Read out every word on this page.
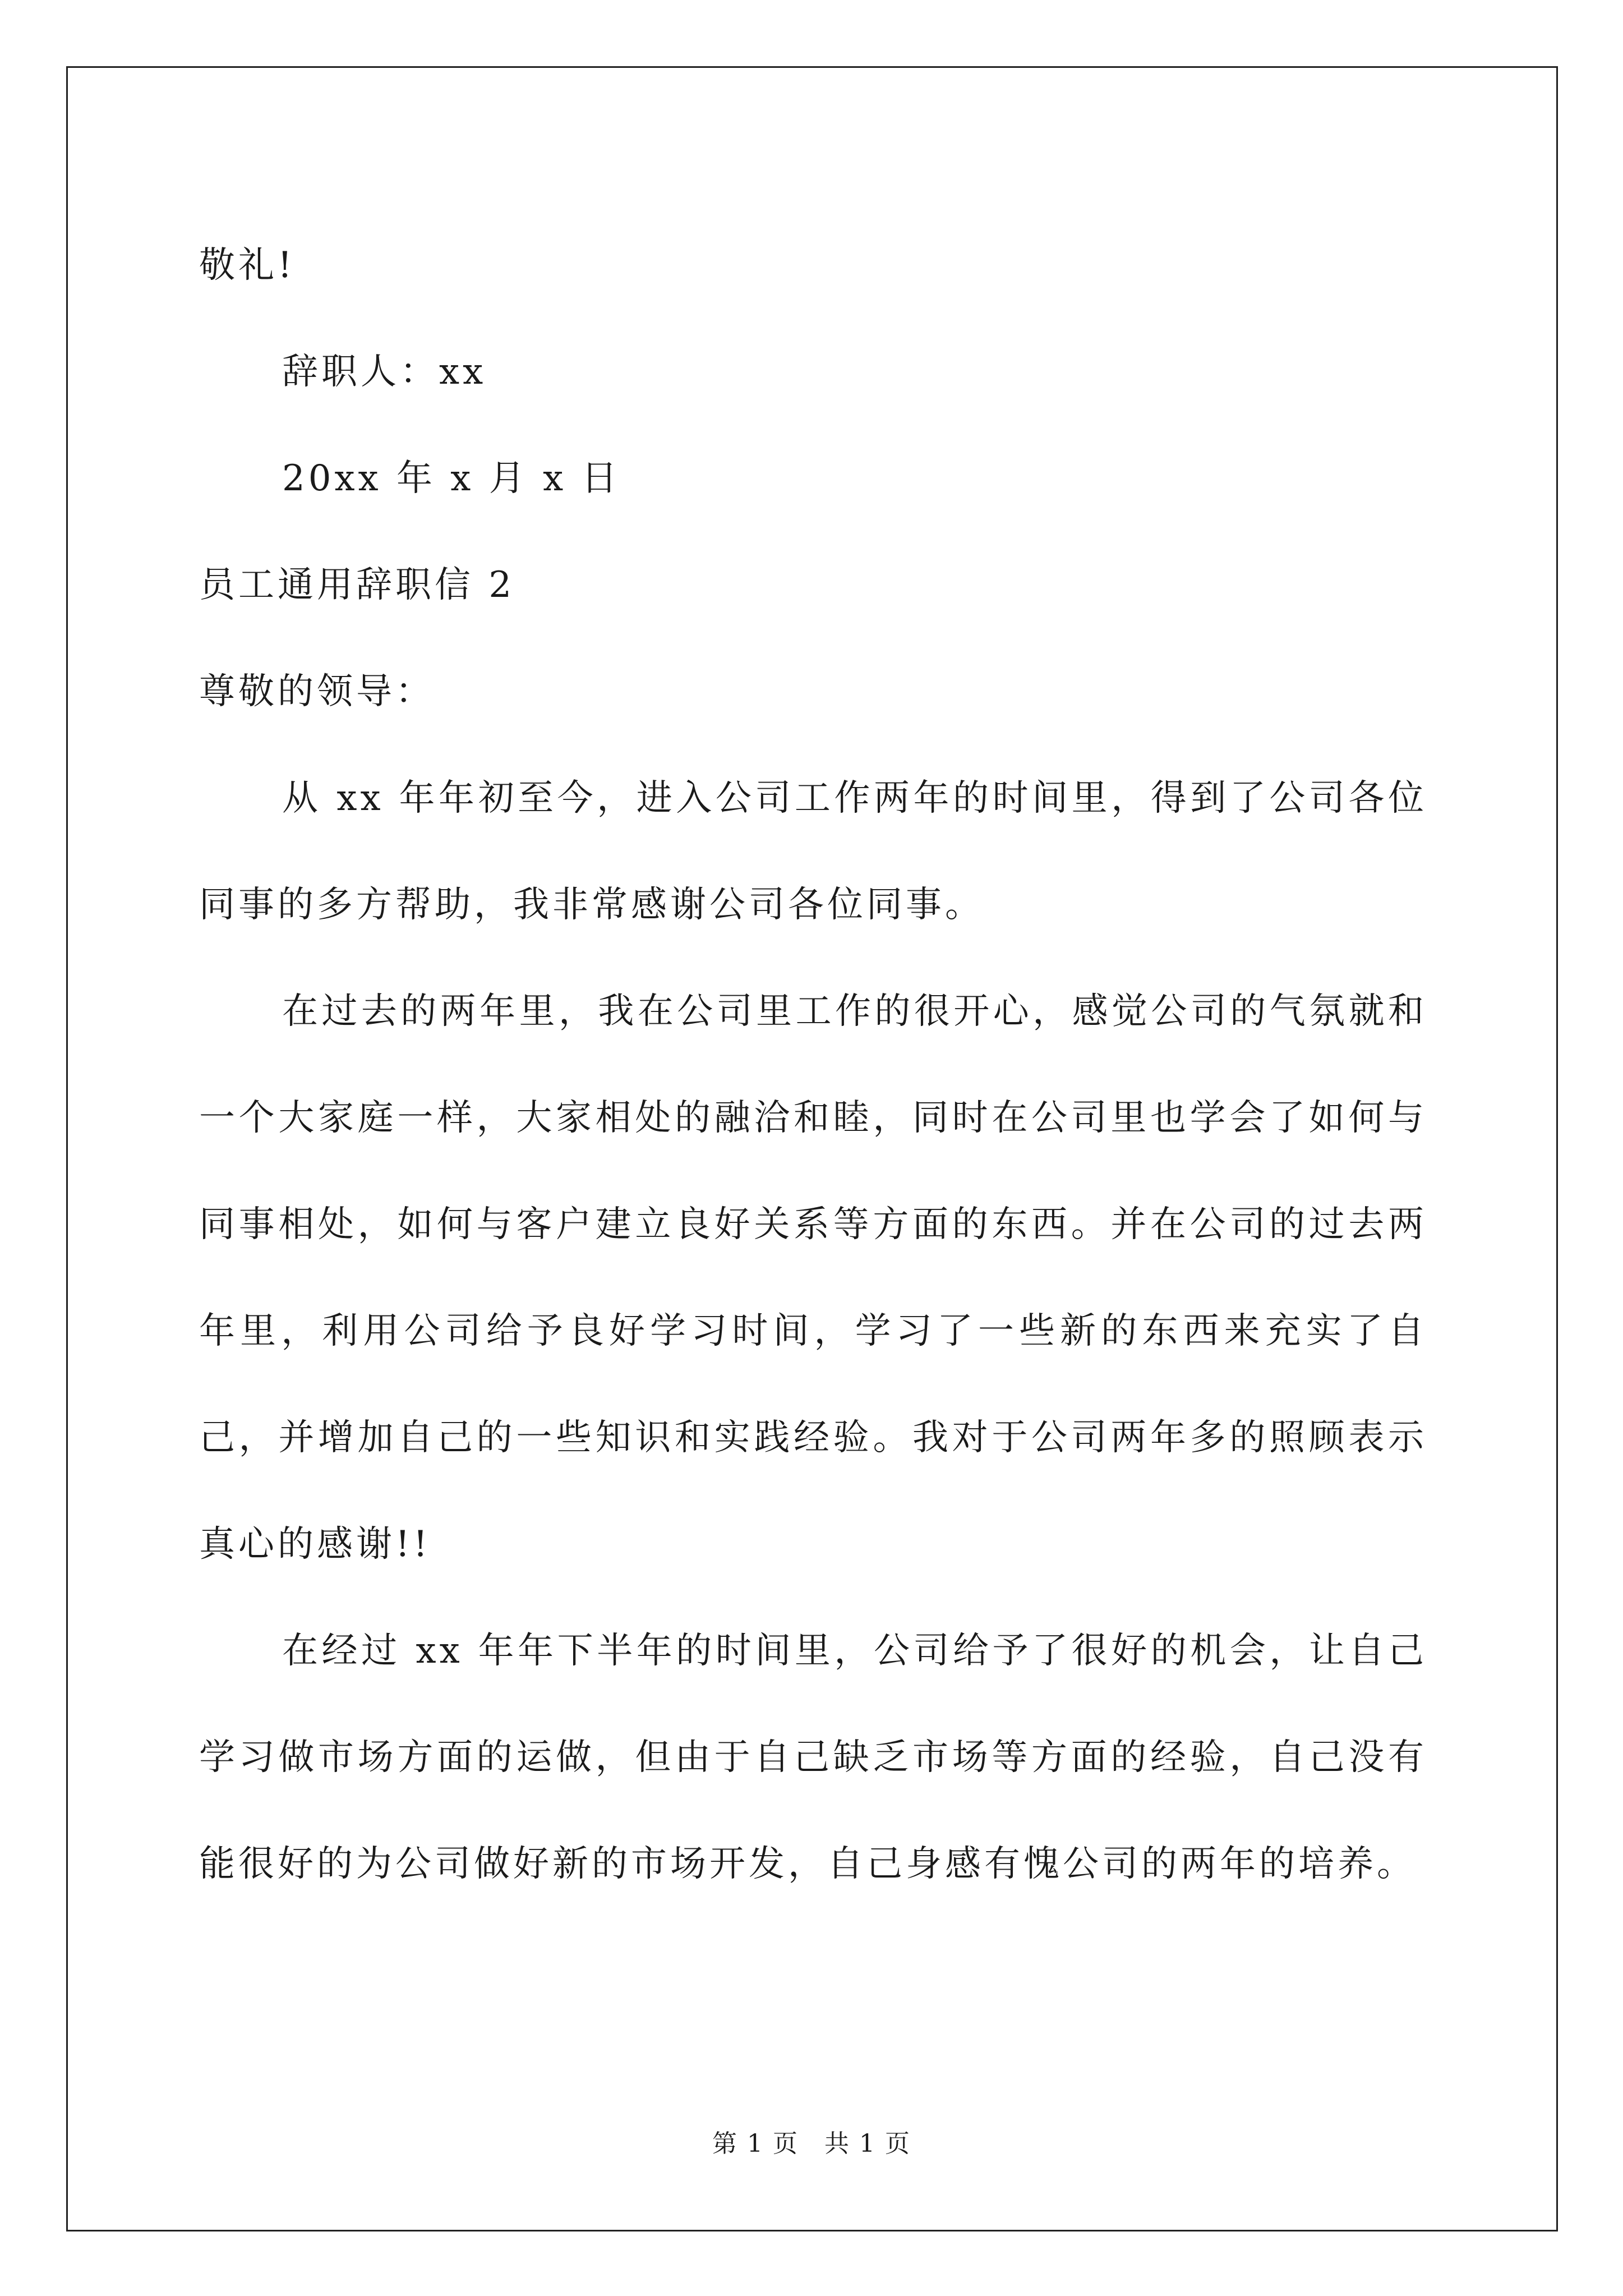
敬礼!

辞职人：xx

20xx 年 x 月 x 日

员工通用辞职信 2

尊敬的领导：

从 xx 年年初至今，进入公司工作两年的时间里，得到了公司各位同事的多方帮助，我非常感谢公司各位同事。

在过去的两年里，我在公司里工作的很开心，感觉公司的气氛就和一个大家庭一样，大家相处的融洽和睦，同时在公司里也学会了如何与同事相处，如何与客户建立良好关系等方面的东西。并在公司的过去两年里，利用公司给予良好学习时间，学习了一些新的东西来充实了自己，并增加自己的一些知识和实践经验。我对于公司两年多的照顾表示真心的感谢!!

在经过 xx 年年下半年的时间里，公司给予了很好的机会，让自己学习做市场方面的运做，但由于自己缺乏市场等方面的经验，自己没有能很好的为公司做好新的市场开发，自己身感有愧公司的两年的培养。

第 1 页　共 1 页
